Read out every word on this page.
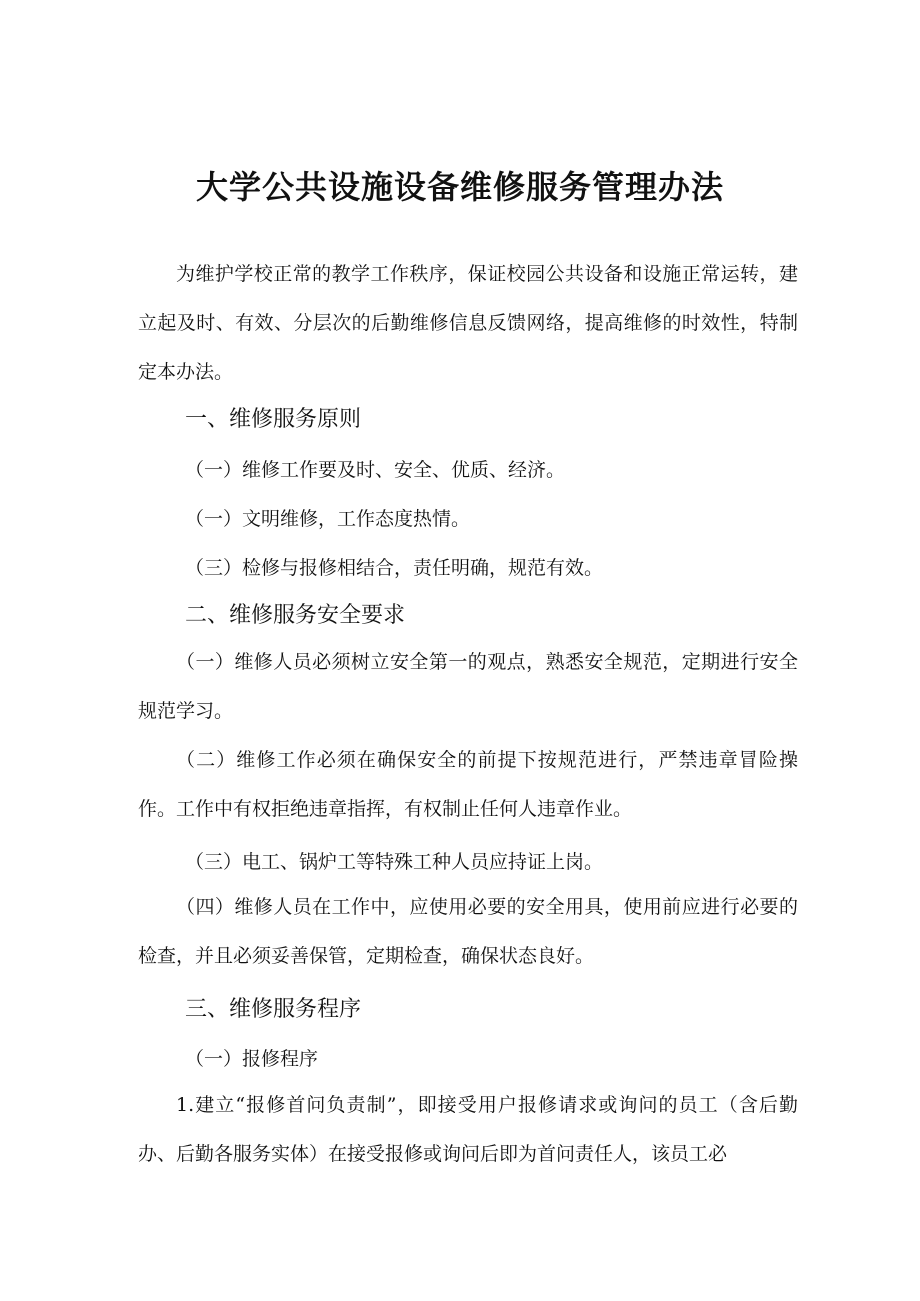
大学公共设施设备维修服务管理办法

为维护学校正常的教学工作秩序，保证校园公共设备和设施正常运转，建立起及时、有效、分层次的后勤维修信息反馈网络，提高维修的时效性，特制定本办法。

一、维修服务原则
（一）维修工作要及时、安全、优质、经济。
（一）文明维修，工作态度热情。
（三）检修与报修相结合，责任明确，规范有效。
二、维修服务安全要求

（一）维修人员必须树立安全第一的观点，熟悉安全规范，定期进行安全规范学习。

（二）维修工作必须在确保安全的前提下按规范进行，严禁违章冒险操作。工作中有权拒绝违章指挥，有权制止任何人违章作业。

（三）电工、锅炉工等特殊工种人员应持证上岗。

（四）维修人员在工作中，应使用必要的安全用具，使用前应进行必要的检查，并且必须妥善保管，定期检查，确保状态良好。

三、维修服务程序
（一）报修程序

1.建立“报修首问负责制”，即接受用户报修请求或询问的员工（含后勤办、后勤各服务实体）在接受报修或询问后即为首问责任人，该员工必
